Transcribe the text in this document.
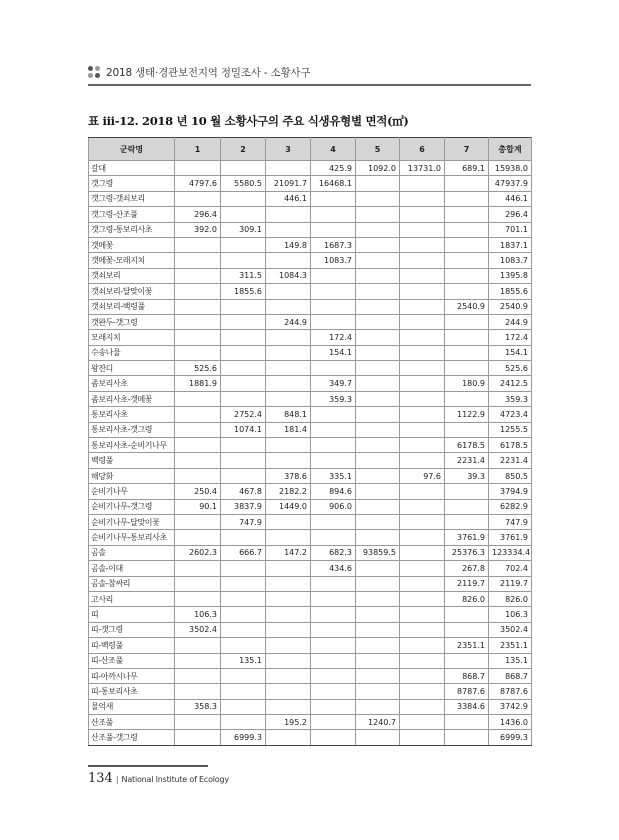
2018 생태·경관보전지역 정밀조사 - 소황사구
표 iii-12. 2018 년 10 월 소황사구의 주요 식생유형별 면적(㎡)
군락명	1	2	3	4	5	6	7	총합계
갈대				425.9	1092.0	13731.0	689.1	15938.0
갯그령	4797.6	5580.5	21091.7	16468.1				47937.9
갯그령-갯쇠보리			446.1					446.1
갯그령-산조풀	296.4							296.4
갯그령-통보리사초	392.0	309.1						701.1
갯메꽃			149.8	1687.3				1837.1
갯메꽃-모래지치				1083.7				1083.7
갯쇠보리		311.5	1084.3					1395.8
갯쇠보리-달맞이꽃		1855.6						1855.6
갯쇠보리-백령풀							2540.9	2540.9
갯완두-갯그령			244.9					244.9
모래지치				172.4				172.4
수송나물				154.1				154.1
왕잔디	525.6							525.6
좀보리사초	1881.9			349.7			180.9	2412.5
좀보리사초-갯메꽃				359.3				359.3
통보리사초		2752.4	848.1				1122.9	4723.4
통보리사초-갯그령		1074.1	181.4					1255.5
통보리사초-순비기나무							6178.5	6178.5
백령풀							2231.4	2231.4
해당화			378.6	335.1		97.6	39.3	850.5
순비기나무	250.4	467.8	2182.2	894.6				3794.9
순비기나무-갯그령	90.1	3837.9	1449.0	906.0				6282.9
순비기나무-달맞이꽃		747.9						747.9
순비기나무-통보리사초							3761.9	3761.9
곰솔	2602.3	666.7	147.2	682.3	93859.5		25376.3	123334.4
곰솔-이대				434.6			267.8	702.4
곰솔-참싸리							2119.7	2119.7
고사리							826.0	826.0
띠	106.3							106.3
띠-갯그령	3502.4							3502.4
띠-백령풀							2351.1	2351.1
띠-산조풀		135.1						135.1
띠-아까시나무							868.7	868.7
띠-통보리사초							8787.6	8787.6
물억새	358.3						3384.6	3742.9
산조풀			195.2		1240.7			1436.0
산조풀-갯그령		6999.3						6999.3
134 | National Institute of Ecology
